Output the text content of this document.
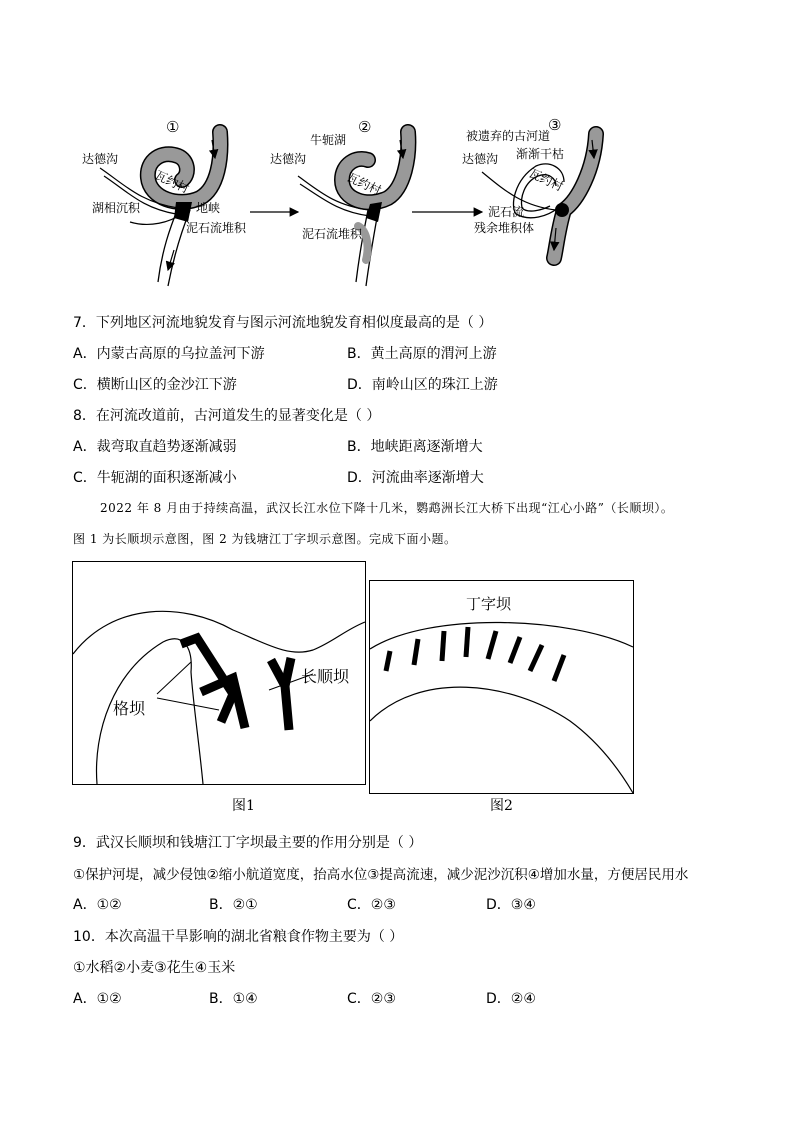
①
达德沟
湖相沉积
瓦约村
地峡
泥石流堆积
②
牛轭湖
达德沟
瓦约村
泥石流堆积
③
被遗弃的古河道
达德沟 渐渐干枯
瓦约村
泥石流
残余堆积体
7．下列地区河流地貌发育与图示河流地貌发育相似度最高的是（ ）
A．内蒙古高原的乌拉盖河下游	B．黄土高原的渭河上游
C．横断山区的金沙江下游	D．南岭山区的珠江上游
8．在河流改道前，古河道发生的显著变化是（ ）
A．裁弯取直趋势逐渐减弱	B．地峡距离逐渐增大
C．牛轭湖的面积逐渐减小	D．河流曲率逐渐增大
2022 年 8 月由于持续高温，武汉长江水位下降十几米，鹦鹉洲长江大桥下出现“江心小路”（长顺坝）。
图 1 为长顺坝示意图，图 2 为钱塘江丁字坝示意图。完成下面小题。
格坝
长顺坝
图1
丁字坝
图2
9．武汉长顺坝和钱塘江丁字坝最主要的作用分别是（ ）
①保护河堤，减少侵蚀②缩小航道宽度，抬高水位③提高流速，减少泥沙沉积④增加水量，方便居民用水
A．①②	B．②①	C．②③	D．③④
10．本次高温干旱影响的湖北省粮食作物主要为（ ）
①水稻②小麦③花生④玉米
A．①②	B．①④	C．②③	D．②④
